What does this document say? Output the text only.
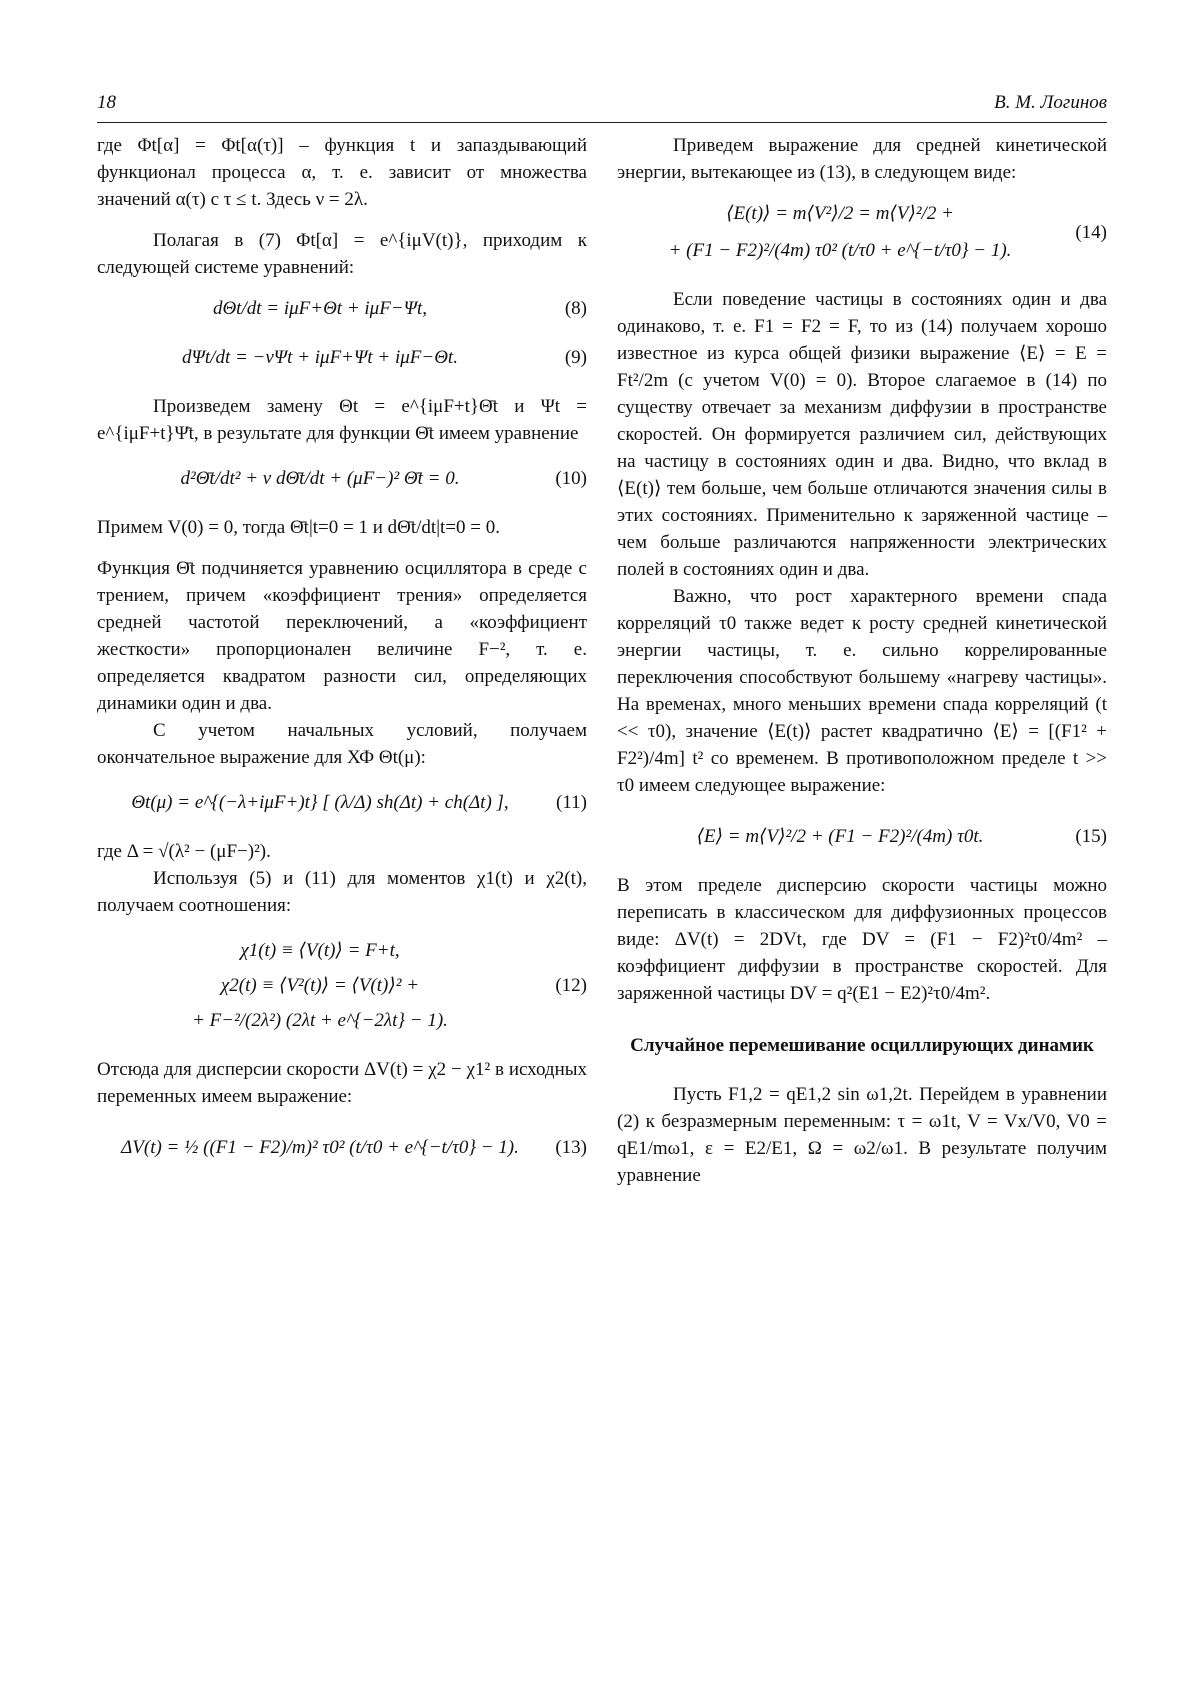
18	В. М. Логинов

где Φt[α] = Φt[α(τ)] – функция t и запаздывающий функционал процесса α, т. е. зависит от множества значений α(τ) с τ ≤ t. Здесь ν = 2λ.

Полагая в (7) Φt[α] = e^{iμV(t)}, приходим к следующей системе уравнений:

dΘt/dt = iμF+Θt + iμF−Ψt,	(8)
dΨt/dt = −νΨt + iμF+Ψt + iμF−Θt.	(9)

Произведем замену Θt = e^{iμF+t}Θ̄t и Ψt = e^{iμF+t}Ψ̄t, в результате для функции Θ̄t имеем уравнение

d²Θ̄t/dt² + ν dΘ̄t/dt + (μF−)² Θ̄t = 0.	(10)

Примем V(0) = 0, тогда Θ̄t|t=0 = 1 и dΘ̄t/dt|t=0 = 0.

Функция Θ̄t подчиняется уравнению осциллятора в среде с трением, причем «коэффициент трения» определяется средней частотой переключений, а «коэффициент жесткости» пропорционален величине F−², т. е. определяется квадратом разности сил, определяющих динамики один и два.

С учетом начальных условий, получаем окончательное выражение для ХФ Θt(μ):

Θt(μ) = e^{(−λ+iμF+)t} [ (λ/Δ) sh(Δt) + ch(Δt) ],	(11)

где Δ = √(λ² − (μF−)²).

Используя (5) и (11) для моментов χ1(t) и χ2(t), получаем соотношения:

χ1(t) ≡ ⟨V(t)⟩ = F+t,
χ2(t) ≡ ⟨V²(t)⟩ = ⟨V(t)⟩² +
+ F−²/(2λ²) (2λt + e^{−2λt} − 1).
(12)

Отсюда для дисперсии скорости ΔV(t) = χ2 − χ1² в исходных переменных имеем выражение:

ΔV(t) = ½ ((F1 − F2)/m)² τ0² (t/τ0 + e^{−t/τ0} − 1).	(13)

Приведем выражение для средней кинетической энергии, вытекающее из (13), в следующем виде:

⟨E(t)⟩ = m⟨V²⟩/2 = m⟨V⟩²/2 +
+ (F1 − F2)²/(4m) τ0² (t/τ0 + e^{−t/τ0} − 1).
(14)

Если поведение частицы в состояниях один и два одинаково, т. е. F1 = F2 = F, то из (14) получаем хорошо известное из курса общей физики выражение ⟨E⟩ = E = Ft²/2m (с учетом V(0) = 0). Второе слагаемое в (14) по существу отвечает за механизм диффузии в пространстве скоростей. Он формируется различием сил, действующих на частицу в состояниях один и два. Видно, что вклад в ⟨E(t)⟩ тем больше, чем больше отличаются значения силы в этих состояниях. Применительно к заряженной частице – чем больше различаются напряженности электрических полей в состояниях один и два.

Важно, что рост характерного времени спада корреляций τ0 также ведет к росту средней кинетической энергии частицы, т. е. сильно коррелированные переключения способствуют большему «нагреву частицы». На временах, много меньших времени спада корреляций (t << τ0), значение ⟨E(t)⟩ растет квадратично ⟨E⟩ = [(F1² + F2²)/4m] t² со временем. В противоположном пределе t >> τ0 имеем следующее выражение:

⟨E⟩ = m⟨V⟩²/2 + (F1 − F2)²/(4m) τ0t.	(15)

В этом пределе дисперсию скорости частицы можно переписать в классическом для диффузионных процессов виде: ΔV(t) = 2DVt, где DV = (F1 − F2)²τ0/4m² – коэффициент диффузии в пространстве скоростей. Для заряженной частицы DV = q²(E1 − E2)²τ0/4m².

Случайное перемешивание осциллирующих динамик

Пусть F1,2 = qE1,2 sin ω1,2t. Перейдем в уравнении (2) к безразмерным переменным: τ = ω1t, V = Vx/V0, V0 = qE1/mω1, ε = E2/E1, Ω = ω2/ω1. В результате получим уравнение
